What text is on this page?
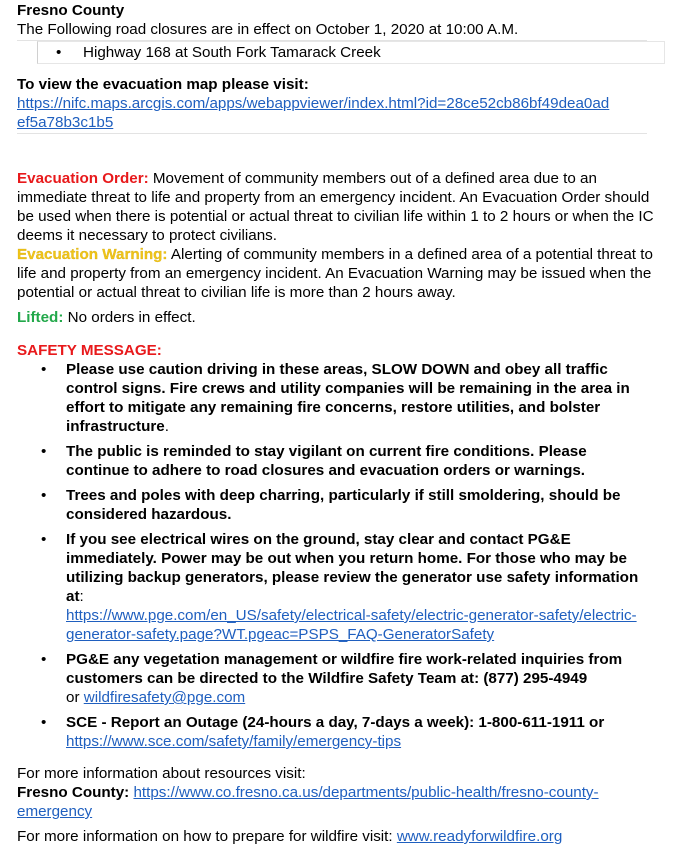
Fresno County
The Following road closures are in effect on October 1, 2020 at 10:00 A.M.
• Highway 168 at South Fork Tamarack Creek
To view the evacuation map please visit:
https://nifc.maps.arcgis.com/apps/webappviewer/index.html?id=28ce52cb86bf49dea0ad
ef5a78b3c1b5

Evacuation Order: Movement of community members out of a defined area due to an immediate threat to life and property from an emergency incident. An Evacuation Order should be used when there is potential or actual threat to civilian life within 1 to 2 hours or when the IC deems it necessary to protect civilians.

Evacuation Warning: Alerting of community members in a defined area of a potential threat to life and property from an emergency incident. An Evacuation Warning may be issued when the potential or actual threat to civilian life is more than 2 hours away.

Lifted: No orders in effect.

SAFETY MESSAGE:
• Please use caution driving in these areas, SLOW DOWN and obey all traffic control signs. Fire crews and utility companies will be remaining in the area in effort to mitigate any remaining fire concerns, restore utilities, and bolster infrastructure.
• The public is reminded to stay vigilant on current fire conditions. Please continue to adhere to road closures and evacuation orders or warnings.
• Trees and poles with deep charring, particularly if still smoldering, should be considered hazardous.
• If you see electrical wires on the ground, stay clear and contact PG&E immediately. Power may be out when you return home. For those who may be utilizing backup generators, please review the generator use safety information at:
https://www.pge.com/en_US/safety/electrical-safety/electric-generator-safety/electric-
generator-safety.page?WT.pgeac=PSPS_FAQ-GeneratorSafety
• PG&E any vegetation management or wildfire fire work-related inquiries from customers can be directed to the Wildfire Safety Team at: (877) 295-4949
or wildfiresafety@pge.com
• SCE - Report an Outage (24-hours a day, 7-days a week): 1-800-611-1911 or
https://www.sce.com/safety/family/emergency-tips
For more information about resources visit:
Fresno County: https://www.co.fresno.ca.us/departments/public-health/fresno-county-
emergency
For more information on how to prepare for wildfire visit: www.readyforwildfire.org
